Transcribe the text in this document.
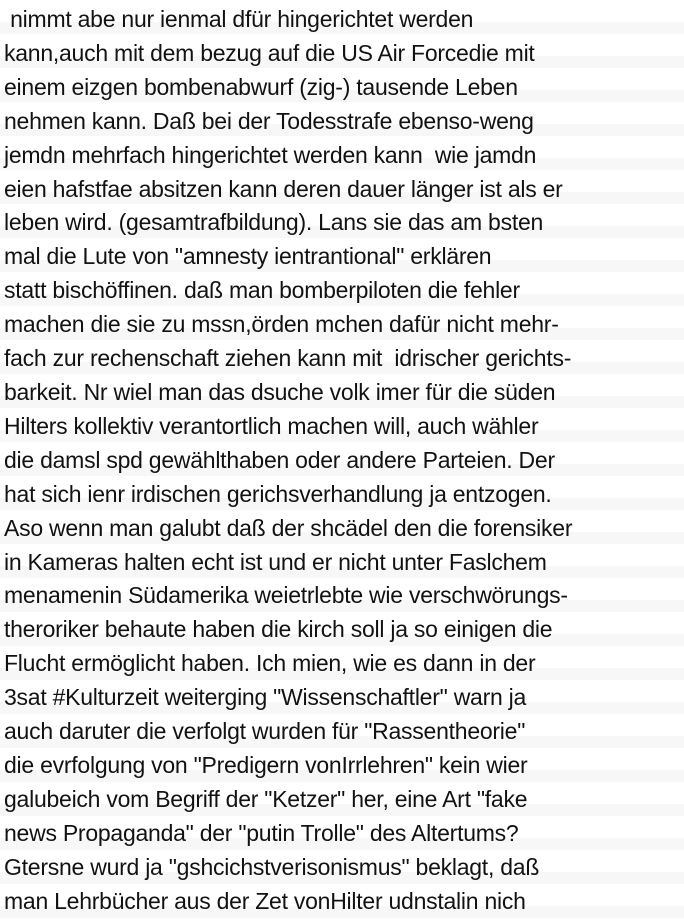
nimmt abe nur ienmal dfür hingerichtet werden
kann,auch mit dem bezug auf die US Air Forcedie mit
einem eizgen bombenabwurf (zig-) tausende Leben
nehmen kann. Daß bei der Todesstrafe ebenso-weng
jemdn mehrfach hingerichtet werden kann  wie jamdn
eien hafstfae absitzen kann deren dauer länger ist als er
leben wird. (gesamtrafbildung). Lans sie das am bsten
mal die Lute von "amnesty ientrantional" erklären
statt bischöffinen. daß man bomberpiloten die fehler
machen die sie zu mssn,örden mchen dafür nicht mehr-
fach zur rechenschaft ziehen kann mit  idrischer gerichts-
barkeit. Nr wiel man das dsuche volk imer für die süden
Hilters kollektiv verantortlich machen will, auch wähler
die damsl spd gewählthaben oder andere Parteien. Der
hat sich ienr irdischen gerichsverhandlung ja entzogen.
Aso wenn man galubt daß der shcädel den die forensiker
in Kameras halten echt ist und er nicht unter Faslchem
menamenin Südamerika weietrlebte wie verschwörungs-
theroriker behaute haben die kirch soll ja so einigen die
Flucht ermöglicht haben. Ich mien, wie es dann in der
3sat #Kulturzeit weiterging "Wissenschaftler" warn ja
auch daruter die verfolgt wurden für "Rassentheorie"
die evrfolgung von "Predigern vonIrrlehren" kein wier
galubeich vom Begriff der "Ketzer" her, eine Art "fake
news Propaganda" der "putin Trolle" des Altertums?
Gtersne wurd ja "gshcichstverisonismus" beklagt, daß
man Lehrbücher aus der Zet vonHilter udnstalin nich
